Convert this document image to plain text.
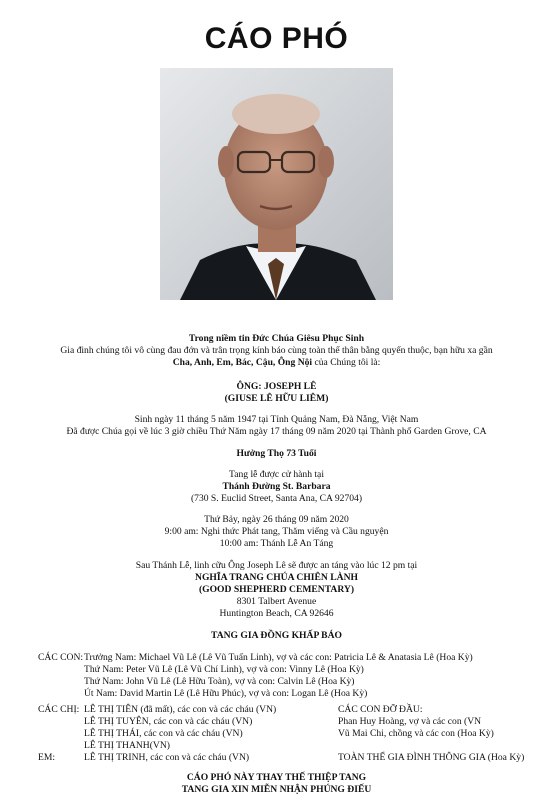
CÁO PHÓ
Trong niềm tin Đức Chúa Giêsu Phục Sinh
Gia đình chúng tôi vô cùng đau đớn và trân trọng kính báo cùng toàn thể thân bằng quyến thuộc, bạn hữu xa gần
Cha, Anh, Em, Bác, Cậu, Ông Nội của Chúng tôi là:
ÔNG: JOSEPH LÊ
(GIUSE LÊ HỮU LIÊM)
Sinh ngày 11 tháng 5 năm 1947 tại Tỉnh Quảng Nam, Đà Nẵng, Việt Nam
Đã được Chúa gọi về lúc 3 giờ chiều Thứ Năm ngày 17 tháng 09 năm 2020 tại Thành phố Garden Grove, CA
Hưởng Thọ 73 Tuổi
Tang lễ được cử hành tại
Thánh Đường St. Barbara
(730 S. Euclid Street, Santa Ana, CA 92704)
Thứ Bảy, ngày 26 tháng 09 năm 2020
9:00 am: Nghi thức Phát tang, Thăm viếng và Cầu nguyện
10:00 am: Thánh Lễ An Táng
Sau Thánh Lễ, linh cữu Ông Joseph Lê sẽ được an táng vào lúc 12 pm tại
NGHĨA TRANG CHÚA CHIÊN LÀNH
(GOOD SHEPHERD CEMENTARY)
8301 Talbert Avenue
Huntington Beach, CA 92646
TANG GIA ĐỒNG KHẤP BÁO
CÁC CON: Trưởng Nam: Michael Vũ Lê (Lê Vũ Tuấn Linh), vợ và các con: Patricia Lê & Anatasia Lê (Hoa Kỳ)
Thứ Nam: Peter Vũ Lê (Lê Vũ Chí Linh), vợ và con: Vinny Lê (Hoa Kỳ)
Thứ Nam: John Vũ Lê (Lê Hữu Toàn), vợ và con: Calvin Lê (Hoa Kỳ)
Út Nam: David Martin Lê (Lê Hữu Phúc), vợ và con: Logan Lê (Hoa Kỳ)
CÁC CHỊ: LÊ THỊ TIÊN (đã mất), các con và các cháu (VN)
LÊ THỊ TUYÊN, các con và các cháu (VN)
LÊ THỊ THÁI, các con và các cháu (VN)
LÊ THỊ THANH(VN)
EM:	LÊ THỊ TRINH, các con và các cháu (VN)
CÁC CON ĐỠ ĐẦU:
Phan Huy Hoàng, vợ và các con (VN
Vũ Mai Chi, chồng và các con (Hoa Kỳ)
TOÀN THỂ GIA ĐÌNH THÔNG GIA (Hoa Kỳ)
CÁO PHÓ NÀY THAY THẾ THIỆP TANG
TANG GIA XIN MIỄN NHẬN PHÚNG ĐIẾU
